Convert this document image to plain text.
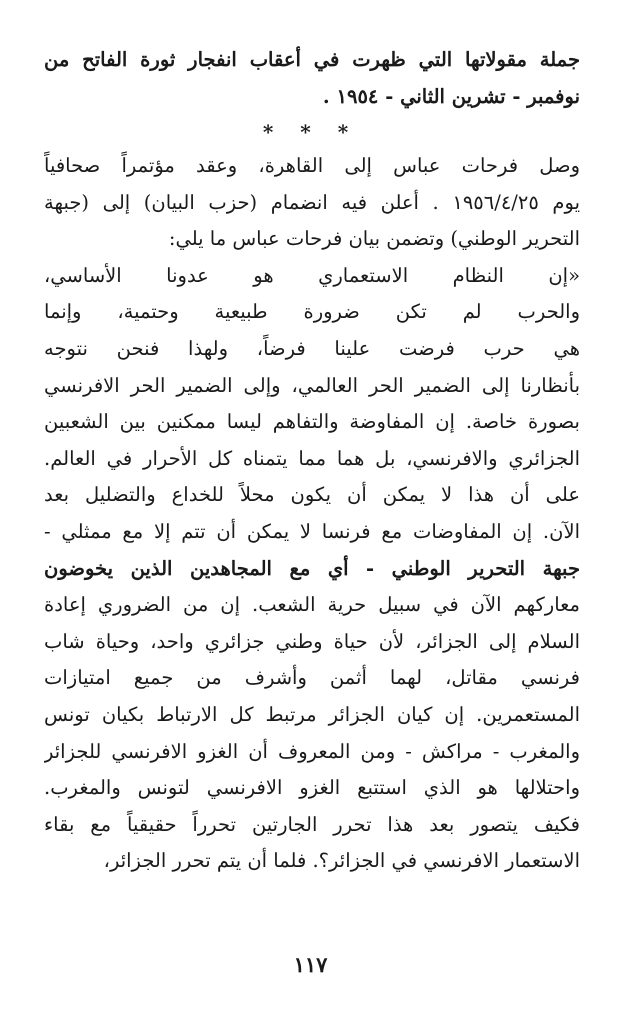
جملة مقولاتها التي ظهرت في أعقاب انفجار ثورة الفاتح من
نوفمبر - تشرين الثاني - ١٩٥٤ .
* * *
وصل فرحات عباس إلى القاهرة، وعقد مؤتمراً صحافياً
يوم ١٩٥٦/٤/٢٥ . أعلن فيه انضمام (حزب البيان) إلى (جبهة
التحرير الوطني) وتضمن بيان فرحات عباس ما يلي:
«إن النظام الاستعماري هو عدونا الأساسي،
والحرب لم تكن ضرورة طبيعية وحتمية، وإنما
هي حرب فرضت علينا فرضاً، ولهذا فنحن نتوجه
بأنظارنا إلى الضمير الحر العالمي، وإلى الضمير الحر الافرنسي
بصورة خاصة. إن المفاوضة والتفاهم ليسا ممكنين بين الشعبين
الجزائري والافرنسي، بل هما مما يتمناه كل الأحرار في العالم.
على أن هذا لا يمكن أن يكون محلاً للخداع والتضليل بعد
الآن. إن المفاوضات مع فرنسا لا يمكن أن تتم إلا مع ممثلي -
جبهة التحرير الوطني - أي مع المجاهدين الذين يخوضون
معاركهم الآن في سبيل حرية الشعب. إن من الضروري إعادة
السلام إلى الجزائر، لأن حياة وطني جزائري واحد، وحياة شاب
فرنسي مقاتل، لهما أثمن وأشرف من جميع امتيازات
المستعمرين. إن كيان الجزائر مرتبط كل الارتباط بكيان تونس
والمغرب - مراكش - ومن المعروف أن الغزو الافرنسي للجزائر
واحتلالها هو الذي استتبع الغزو الافرنسي لتونس والمغرب.
فكيف يتصور بعد هذا تحرر الجارتين تحرراً حقيقياً مع بقاء
الاستعمار الافرنسي في الجزائر؟. فلما أن يتم تحرر الجزائر،
١١٧
